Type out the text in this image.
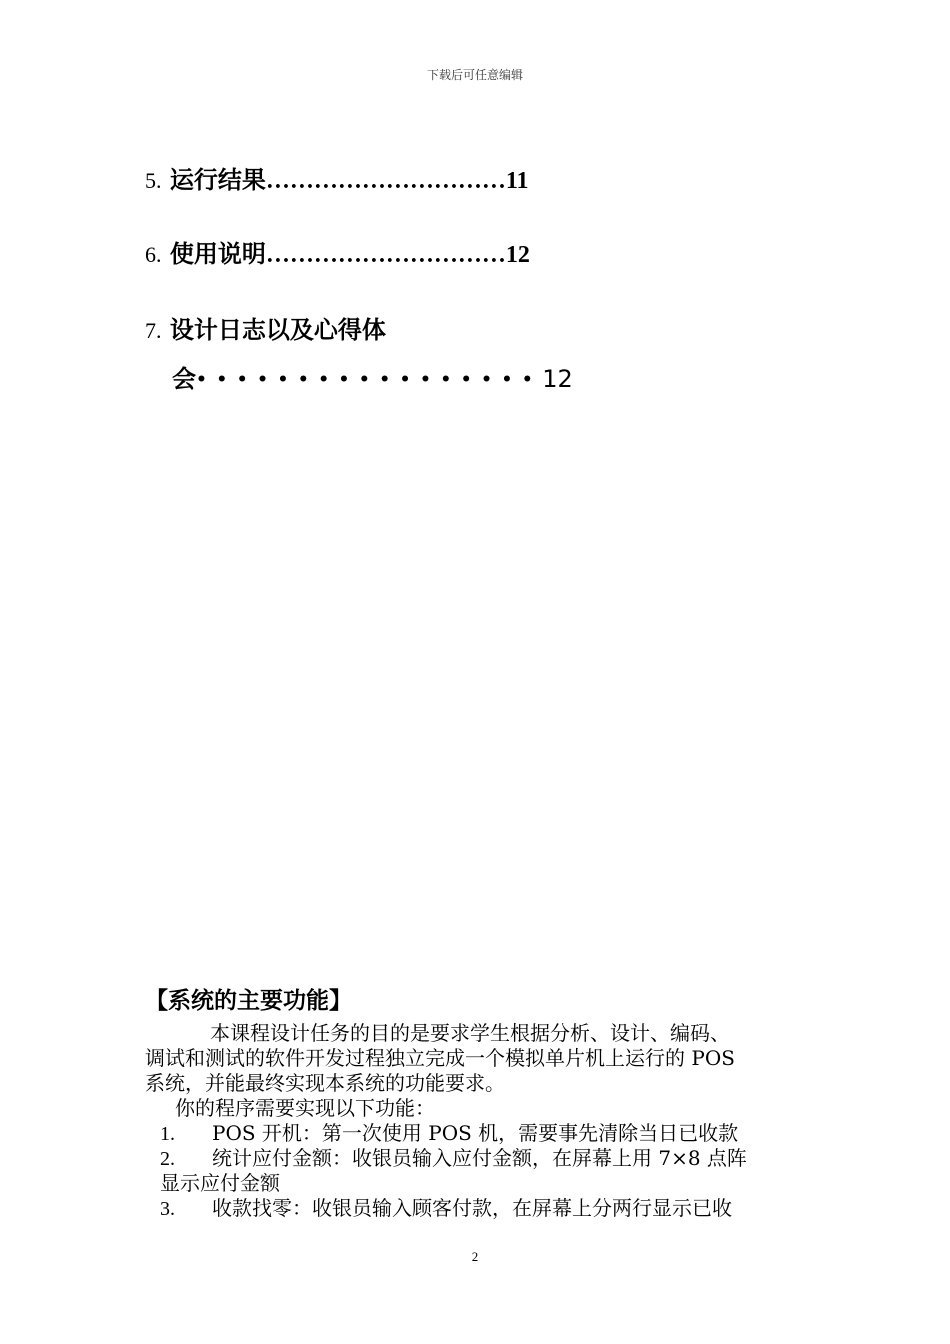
下载后可任意编辑
5. 运行结果…………………………11
6. 使用说明…………………………12
7. 设计日志以及心得体
会•••••••••••••••••12
【系统的主要功能】
本课程设计任务的目的是要求学生根据分析、设计、编码、
调试和测试的软件开发过程独立完成一个模拟单片机上运行的 POS
系统，并能最终实现本系统的功能要求。
你的程序需要实现以下功能：
1. POS 开机：第一次使用 POS 机，需要事先清除当日已收款
2. 统计应付金额：收银员输入应付金额，在屏幕上用 7×8 点阵
显示应付金额
3. 收款找零：收银员输入顾客付款，在屏幕上分两行显示已收
2
